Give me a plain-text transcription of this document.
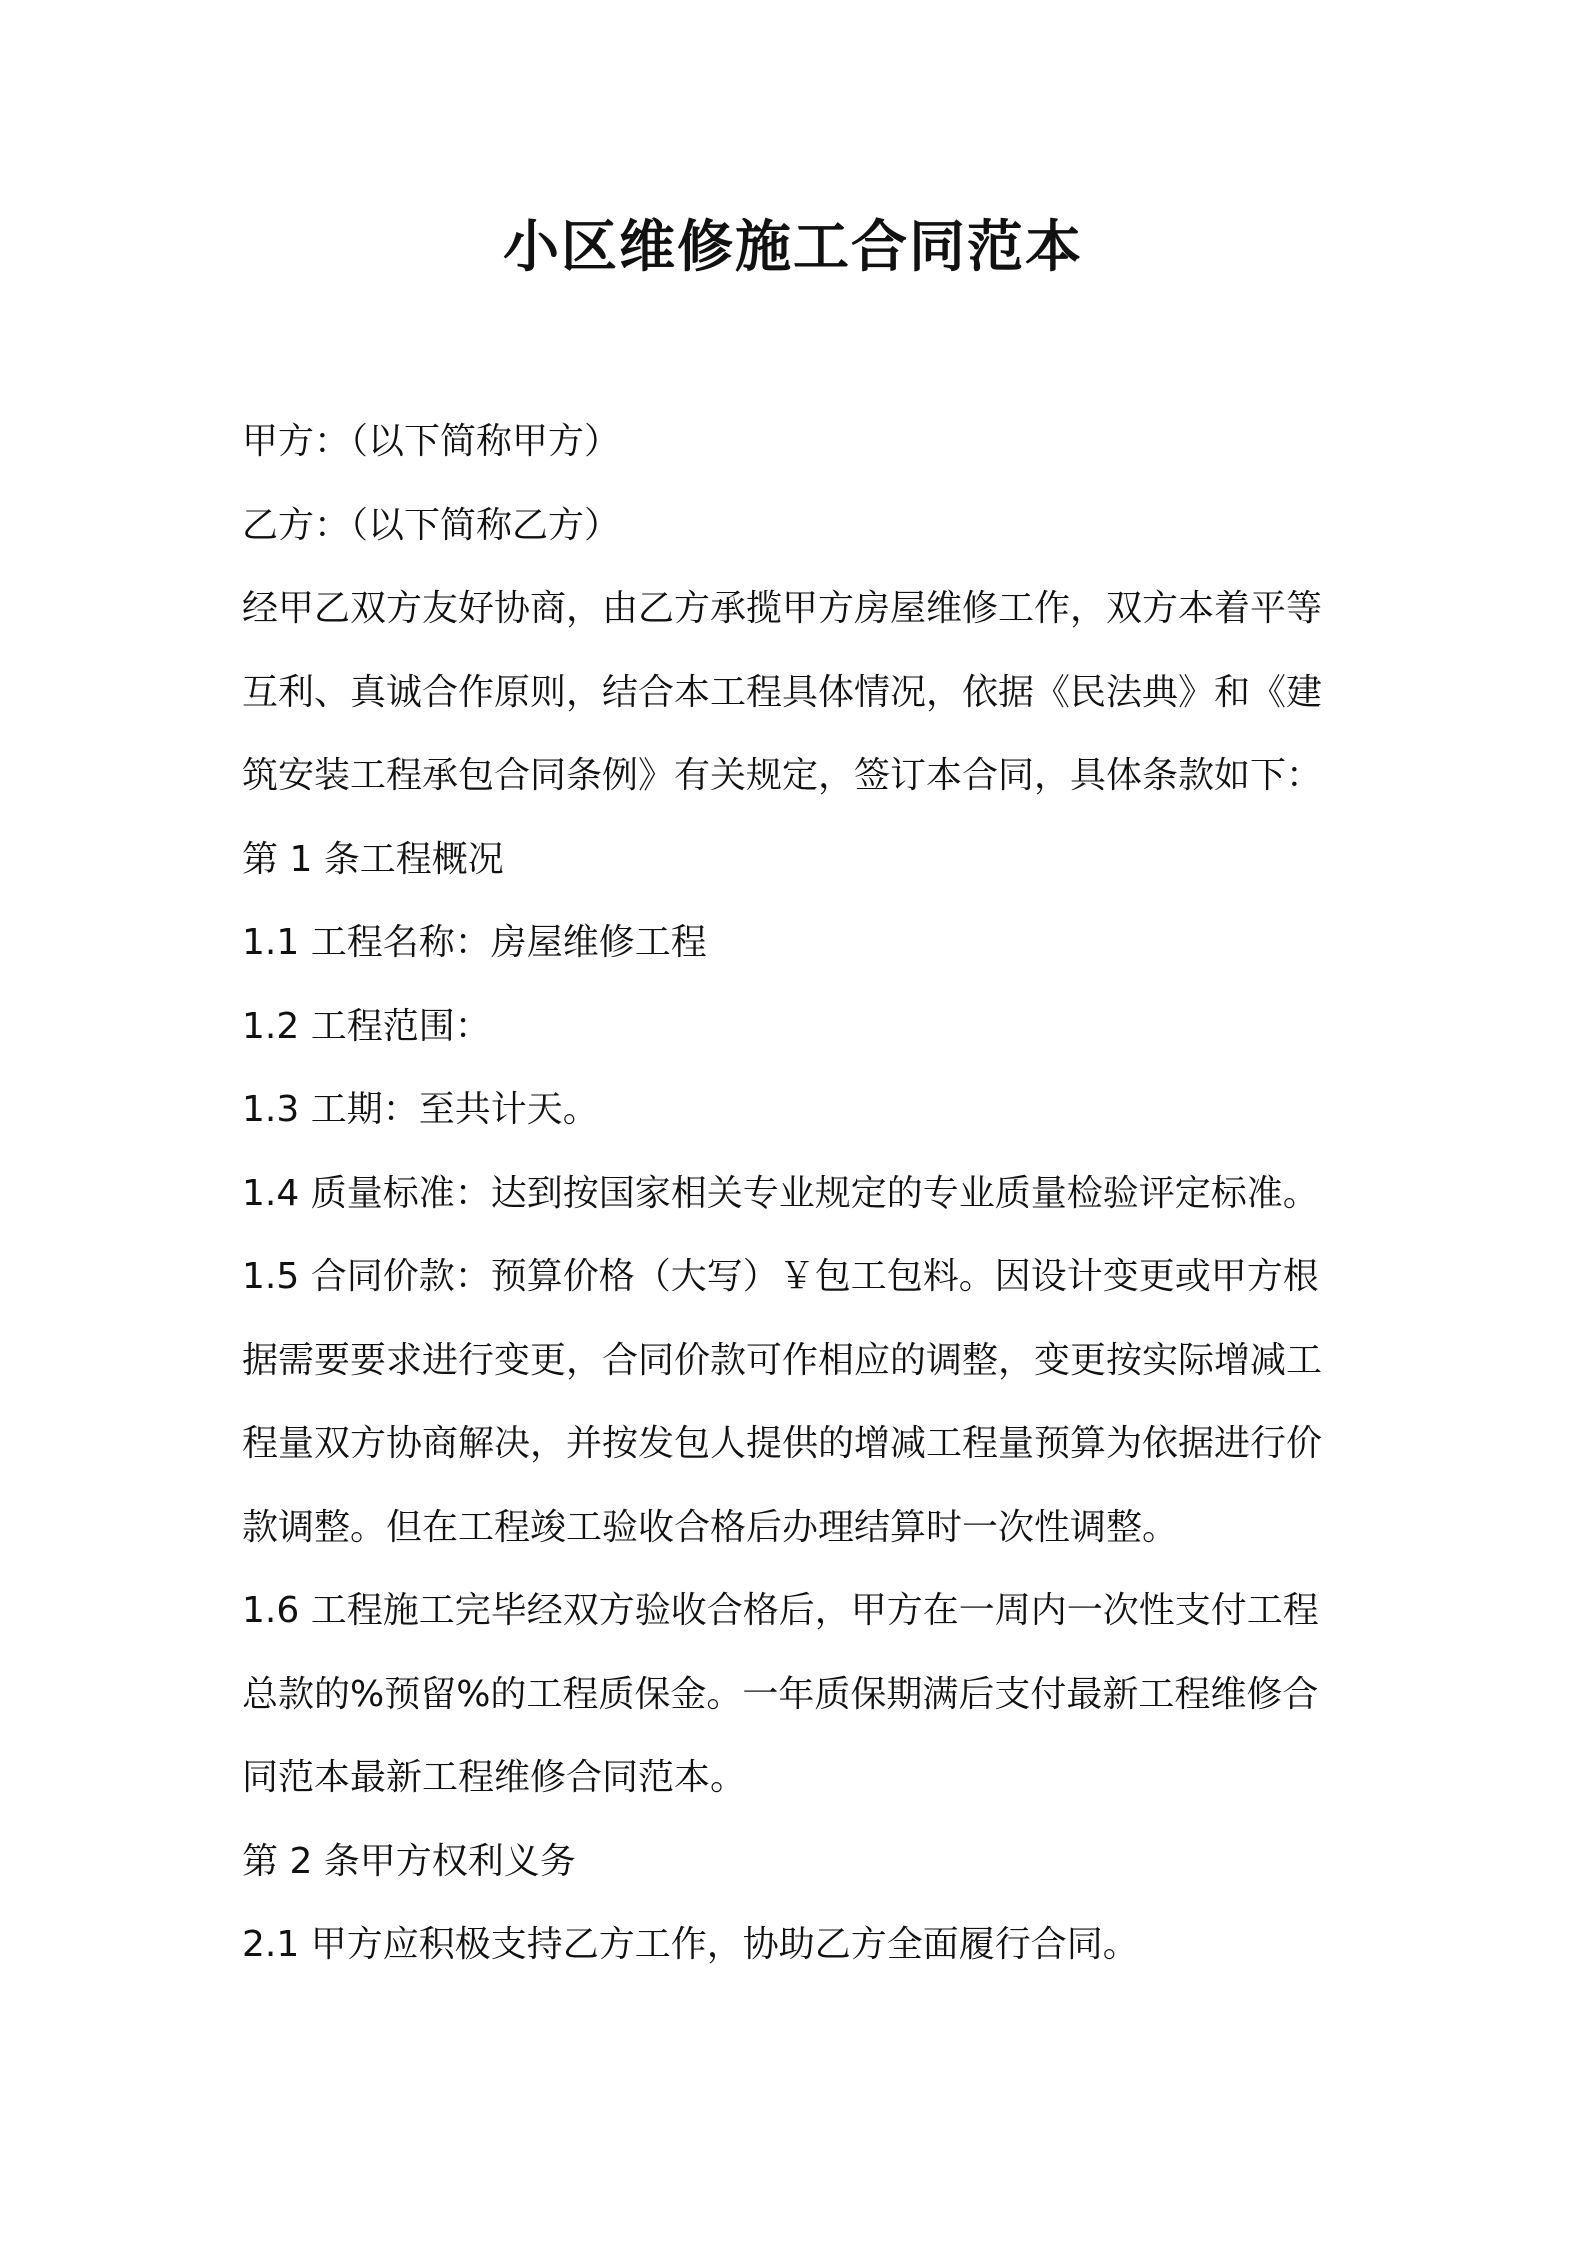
小区维修施工合同范本

甲方：（以下简称甲方）

乙方：（以下简称乙方）

经甲乙双方友好协商，由乙方承揽甲方房屋维修工作，双方本着平等

互利、真诚合作原则，结合本工程具体情况，依据《民法典》和《建

筑安装工程承包合同条例》有关规定，签订本合同，具体条款如下：

第 1 条工程概况

1.1 工程名称：房屋维修工程

1.2 工程范围：

1.3 工期：至共计天。

1.4 质量标准：达到按国家相关专业规定的专业质量检验评定标准。

1.5 合同价款：预算价格（大写）￥包工包料。因设计变更或甲方根

据需要要求进行变更，合同价款可作相应的调整，变更按实际增减工

程量双方协商解决，并按发包人提供的增减工程量预算为依据进行价

款调整。但在工程竣工验收合格后办理结算时一次性调整。

1.6 工程施工完毕经双方验收合格后，甲方在一周内一次性支付工程

总款的%预留%的工程质保金。一年质保期满后支付最新工程维修合

同范本最新工程维修合同范本。

第 2 条甲方权利义务

2.1 甲方应积极支持乙方工作，协助乙方全面履行合同。
